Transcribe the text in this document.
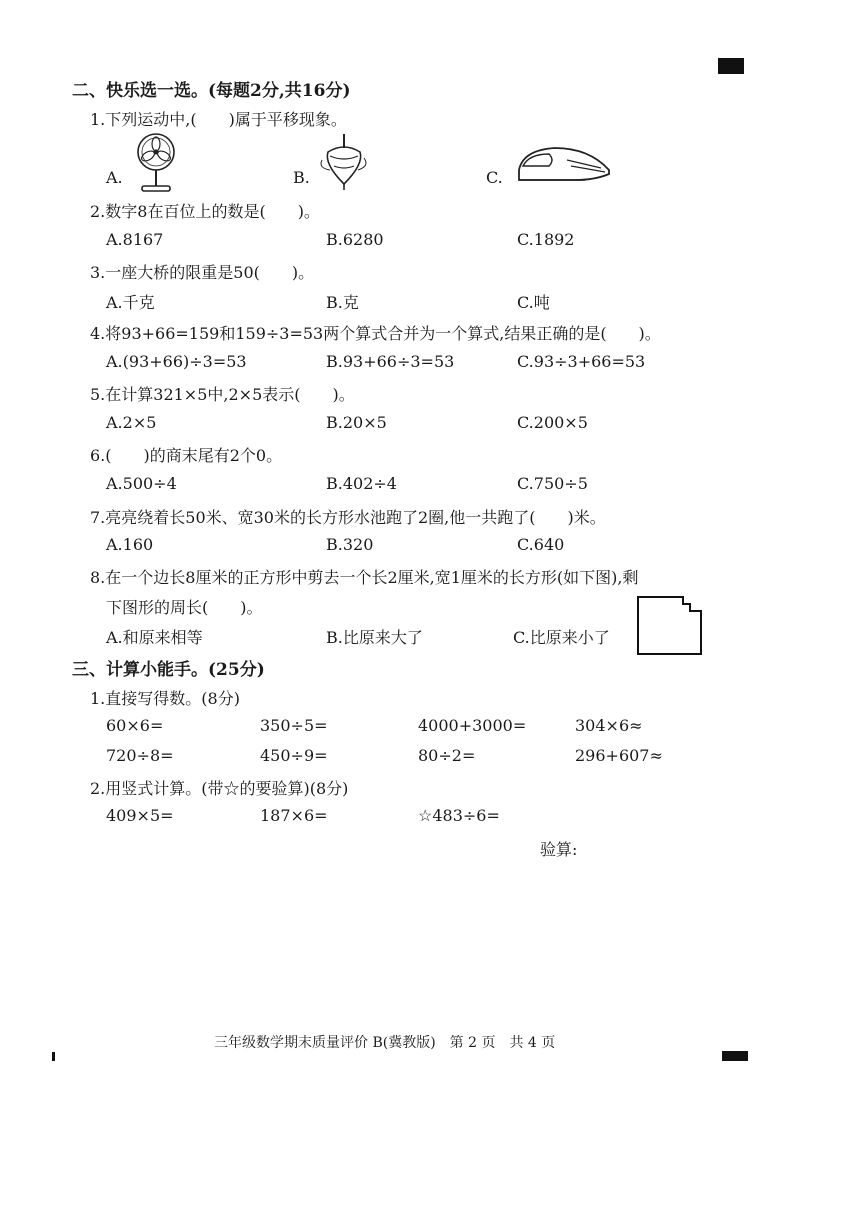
二、快乐选一选。(每题2分,共16分)
1.下列运动中,(　　)属于平移现象。
A.	B.	C.
2.数字8在百位上的数是(　　)。
A.8167	B.6280	C.1892
3.一座大桥的限重是50(　　)。
A.千克	B.克	C.吨
4.将93+66=159和159÷3=53两个算式合并为一个算式,结果正确的是(　　)。
A.(93+66)÷3=53	B.93+66÷3=53	C.93÷3+66=53
5.在计算321×5中,2×5表示(　　)。
A.2×5	B.20×5	C.200×5
6.(　　)的商末尾有2个0。
A.500÷4	B.402÷4	C.750÷5
7.亮亮绕着长50米、宽30米的长方形水池跑了2圈,他一共跑了(　　)米。
A.160	B.320	C.640
8.在一个边长8厘米的正方形中剪去一个长2厘米,宽1厘米的长方形(如下图),剩
下图形的周长(　　)。
A.和原来相等	B.比原来大了	C.比原来小了
三、计算小能手。(25分)
1.直接写得数。(8分)
60×6=	350÷5=	4000+3000=	304×6≈
720÷8=	450÷9=	80÷2=	296+607≈
2.用竖式计算。(带☆的要验算)(8分)
409×5=	187×6=	☆483÷6=
验算:
三年级数学期末质量评价 B(冀教版)　第 2 页　共 4 页
